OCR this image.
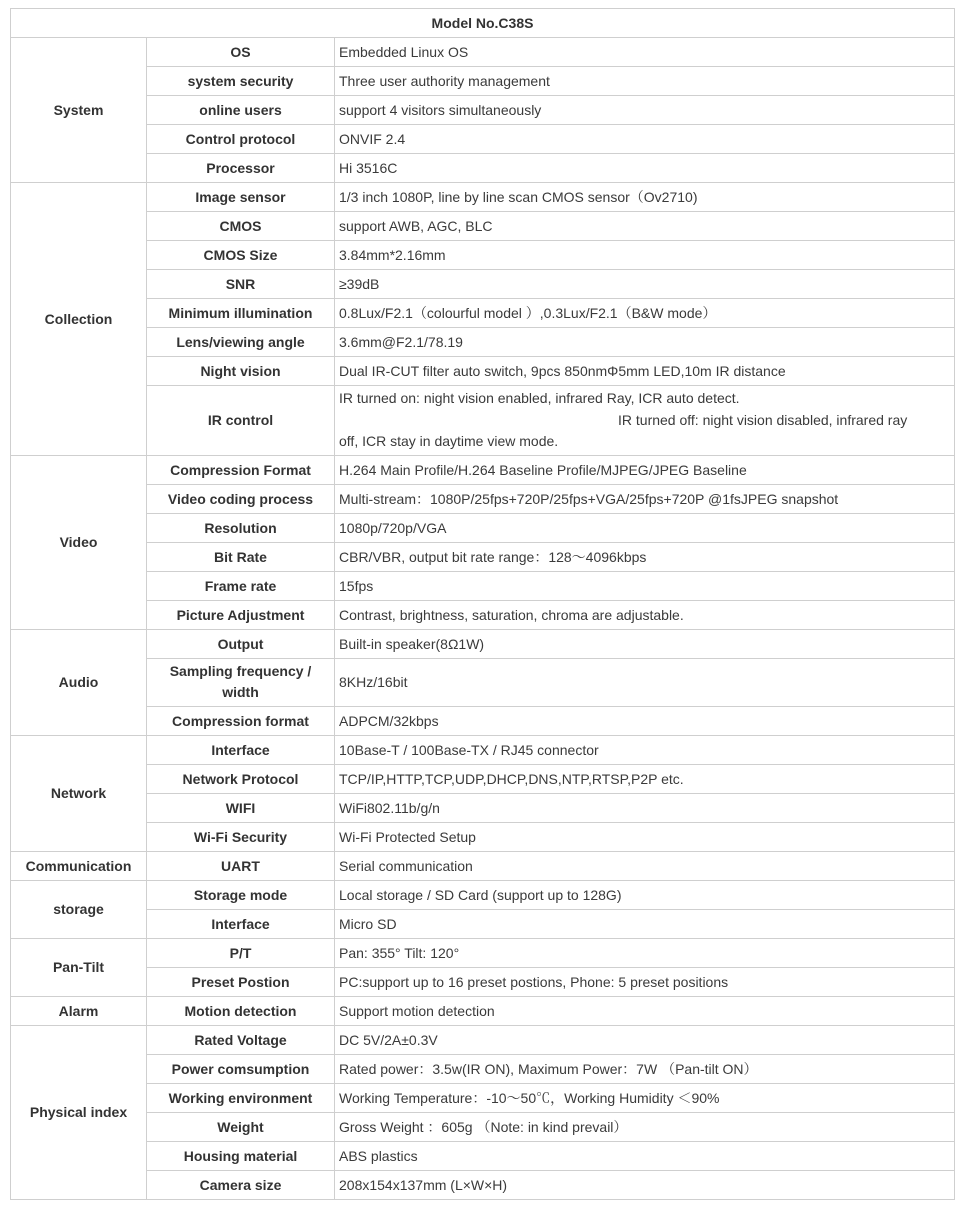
Model No.C38S		
System	OS	Embedded Linux OS
	system security	Three user authority management
	online users	support 4 visitors simultaneously
	Control protocol	ONVIF 2.4
	Processor	Hi 3516C
Collection	Image sensor	1/3 inch 1080P, line by line scan CMOS sensor（Ov2710)
	CMOS	support AWB, AGC, BLC
	CMOS Size	3.84mm*2.16mm
	SNR	≥39dB
	Minimum illumination	0.8Lux/F2.1（colourful model ）,0.3Lux/F2.1（B&W mode）
	Lens/viewing angle	3.6mm@F2.1/78.19
	Night vision	Dual IR-CUT filter auto switch, 9pcs 850nmΦ5mm LED,10m IR distance
	IR control	IR turned on: night vision enabled, infrared Ray, ICR auto detect.
IR turned off: night vision disabled, infrared ray
off, ICR stay in daytime view mode.
Video	Compression Format	H.264 Main Profile/H.264 Baseline Profile/MJPEG/JPEG Baseline
	Video coding process	Multi-stream：1080P/25fps+720P/25fps+VGA/25fps+720P @1fsJPEG snapshot
	Resolution	1080p/720p/VGA
	Bit Rate	CBR/VBR, output bit rate range：128～4096kbps
	Frame rate	15fps
	Picture Adjustment	Contrast, brightness, saturation, chroma are adjustable.
Audio	Output	Built-in speaker(8Ω1W)
	Sampling frequency /
width	8KHz/16bit
	Compression format	ADPCM/32kbps
Network	Interface	10Base-T / 100Base-TX / RJ45 connector
	Network Protocol	TCP/IP,HTTP,TCP,UDP,DHCP,DNS,NTP,RTSP,P2P etc.
	WIFI	WiFi802.11b/g/n
	Wi-Fi Security	Wi-Fi Protected Setup
Communication	UART	Serial communication
storage	Storage mode	Local storage / SD Card (support up to 128G)
	Interface	Micro SD
Pan-Tilt	P/T	Pan: 355° Tilt: 120°
	Preset Postion	PC:support up to 16 preset postions, Phone: 5 preset positions
Alarm	Motion detection	Support motion detection
Physical index	Rated Voltage	DC 5V/2A±0.3V
	Power comsumption	Rated power：3.5w(IR ON), Maximum Power：7W （Pan-tilt ON）
	Working environment	Working Temperature：-10～50℃，Working Humidity ＜90%
	Weight	Gross Weight ：605g （Note: in kind prevail）
	Housing material	ABS plastics
	Camera size	208x154x137mm (L×W×H)
